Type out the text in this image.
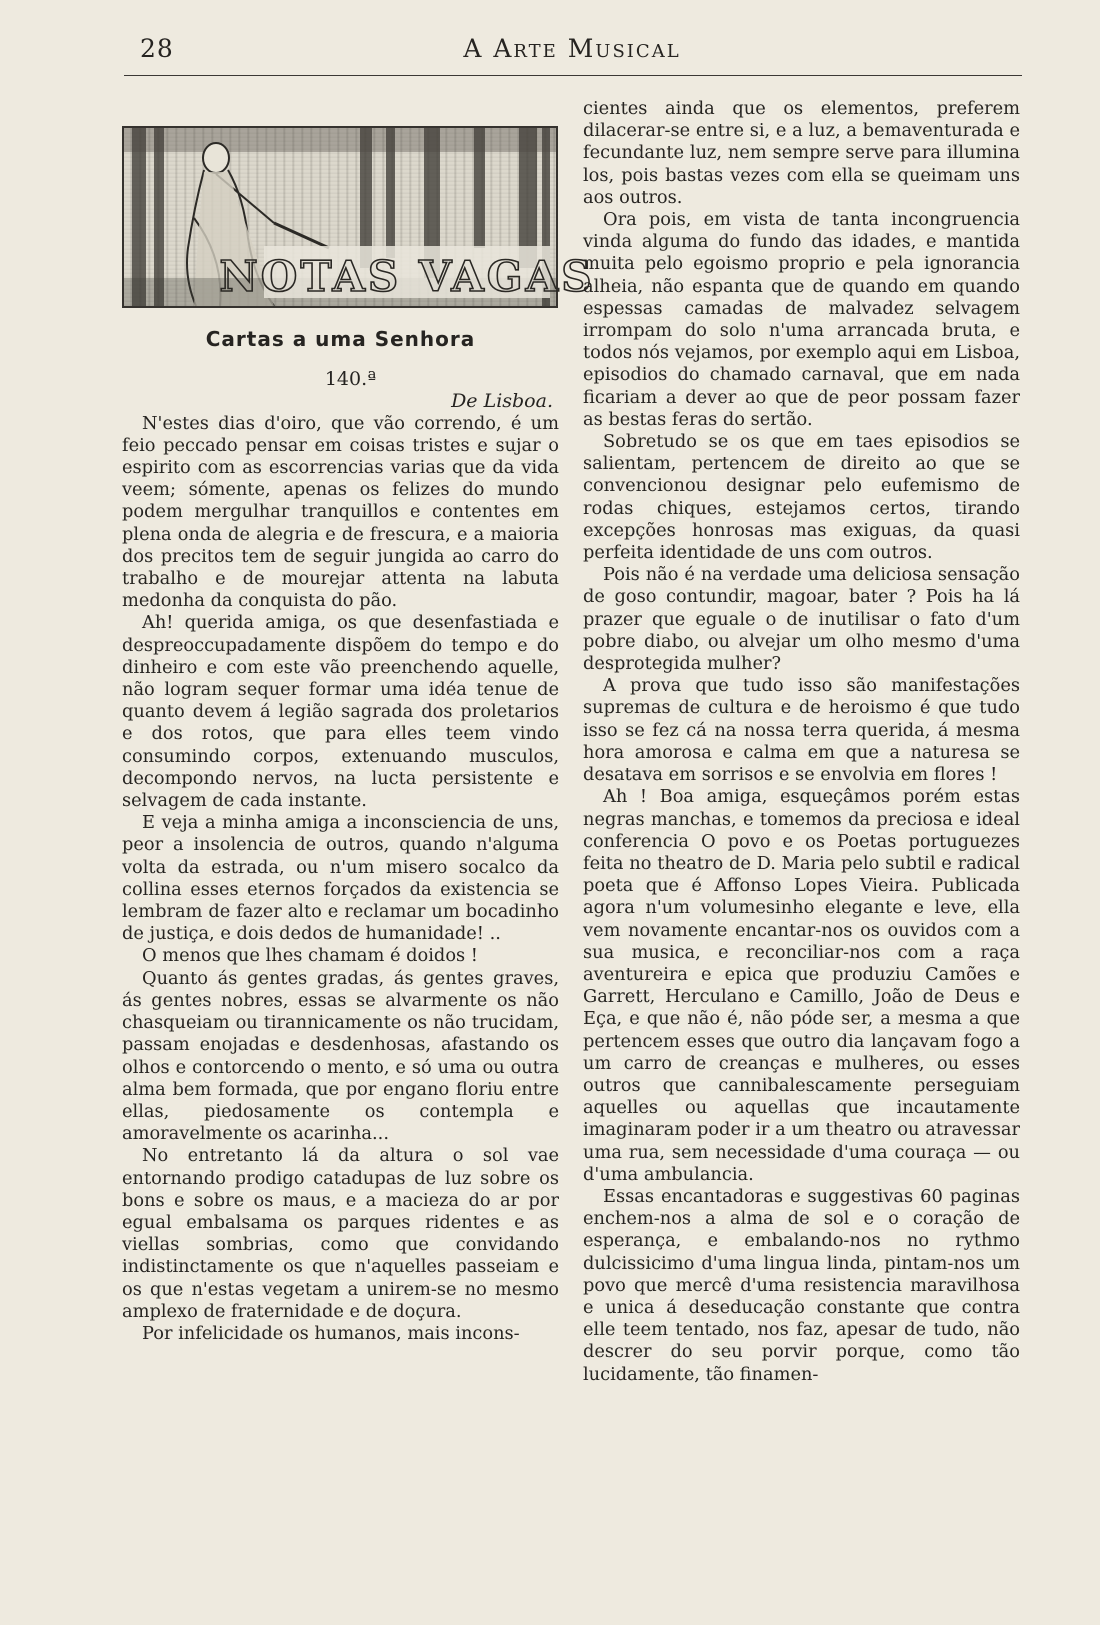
28	A Arte Musical
NOTAS VAGAS
Cartas a uma Senhora

140.ª

De Lisboa.

N'estes dias d'oiro, que vão correndo, é um feio peccado pensar em coisas tristes e sujar o espirito com as escorrencias varias que da vida veem; sómente, apenas os felizes do mundo podem mergulhar tranquillos e contentes em plena onda de alegria e de frescura, e a maioria dos precitos tem de seguir jungida ao carro do trabalho e de mourejar attenta na labuta medonha da conquista do pão.

Ah! querida amiga, os que desenfastiada e despreoccupadamente dispõem do tempo e do dinheiro e com este vão preenchendo aquelle, não logram sequer formar uma idéa tenue de quanto devem á legião sagrada dos proletarios e dos rotos, que para elles teem vindo consumindo corpos, extenuando musculos, decompondo nervos, na lucta persistente e selvagem de cada instante.

E veja a minha amiga a inconsciencia de uns, peor a insolencia de outros, quando n'alguma volta da estrada, ou n'um misero socalco da collina esses eternos forçados da existencia se lembram de fazer alto e reclamar um bocadinho de justiça, e dois dedos de humanidade! ..

O menos que lhes chamam é doidos !

Quanto ás gentes gradas, ás gentes graves, ás gentes nobres, essas se alvarmente os não chasqueiam ou tirannicamente os não trucidam, passam enojadas e desdenhosas, afastando os olhos e contorcendo o mento, e só uma ou outra alma bem formada, que por engano floriu entre ellas, piedosamente os contempla e amoravelmente os acarinha...

No entretanto lá da altura o sol vae entornando prodigo catadupas de luz sobre os bons e sobre os maus, e a macieza do ar por egual embalsama os parques ridentes e as viellas sombrias, como que convidando indistinctamente os que n'aquelles passeiam e os que n'estas vegetam a unirem-se no mesmo amplexo de fraternidade e de doçura.

Por infelicidade os humanos, mais incons-

cientes ainda que os elementos, preferem dilacerar-se entre si, e a luz, a bemaventurada e fecundante luz, nem sempre serve para illumina los, pois bastas vezes com ella se queimam uns aos outros.

Ora pois, em vista de tanta incongruencia vinda alguma do fundo das idades, e mantida muita pelo egoismo proprio e pela ignorancia alheia, não espanta que de quando em quando espessas camadas de malvadez selvagem irrompam do solo n'uma arrancada bruta, e todos nós vejamos, por exemplo aqui em Lisboa, episodios do chamado carnaval, que em nada ficariam a dever ao que de peor possam fazer as bestas feras do sertão.

Sobretudo se os que em taes episodios se salientam, pertencem de direito ao que se convencionou designar pelo eufemismo de rodas chiques, estejamos certos, tirando excepções honrosas mas exiguas, da quasi perfeita identidade de uns com outros.

Pois não é na verdade uma deliciosa sensação de goso contundir, magoar, bater ? Pois ha lá prazer que eguale o de inutilisar o fato d'um pobre diabo, ou alvejar um olho mesmo d'uma desprotegida mulher?

A prova que tudo isso são manifestações supremas de cultura e de heroismo é que tudo isso se fez cá na nossa terra querida, á mesma hora amorosa e calma em que a naturesa se desatava em sorrisos e se envolvia em flores !

Ah ! Boa amiga, esqueçâmos porém estas negras manchas, e tomemos da preciosa e ideal conferencia O povo e os Poetas portuguezes feita no theatro de D. Maria pelo subtil e radical poeta que é Affonso Lopes Vieira. Publicada agora n'um volumesinho elegante e leve, ella vem novamente encantar-nos os ouvidos com a sua musica, e reconciliar-nos com a raça aventureira e epica que produziu Camões e Garrett, Herculano e Camillo, João de Deus e Eça, e que não é, não póde ser, a mesma a que pertencem esses que outro dia lançavam fogo a um carro de creanças e mulheres, ou esses outros que cannibalescamente perseguiam aquelles ou aquellas que incautamente imaginaram poder ir a um theatro ou atravessar uma rua, sem necessidade d'uma couraça — ou d'uma ambulancia.

Essas encantadoras e suggestivas 60 paginas enchem-nos a alma de sol e o coração de esperança, e embalando-nos no rythmo dulcissicimo d'uma lingua linda, pintam-nos um povo que mercê d'uma resistencia maravilhosa e unica á deseducação constante que contra elle teem tentado, nos faz, apesar de tudo, não descrer do seu porvir porque, como tão lucidamente, tão finamen-
